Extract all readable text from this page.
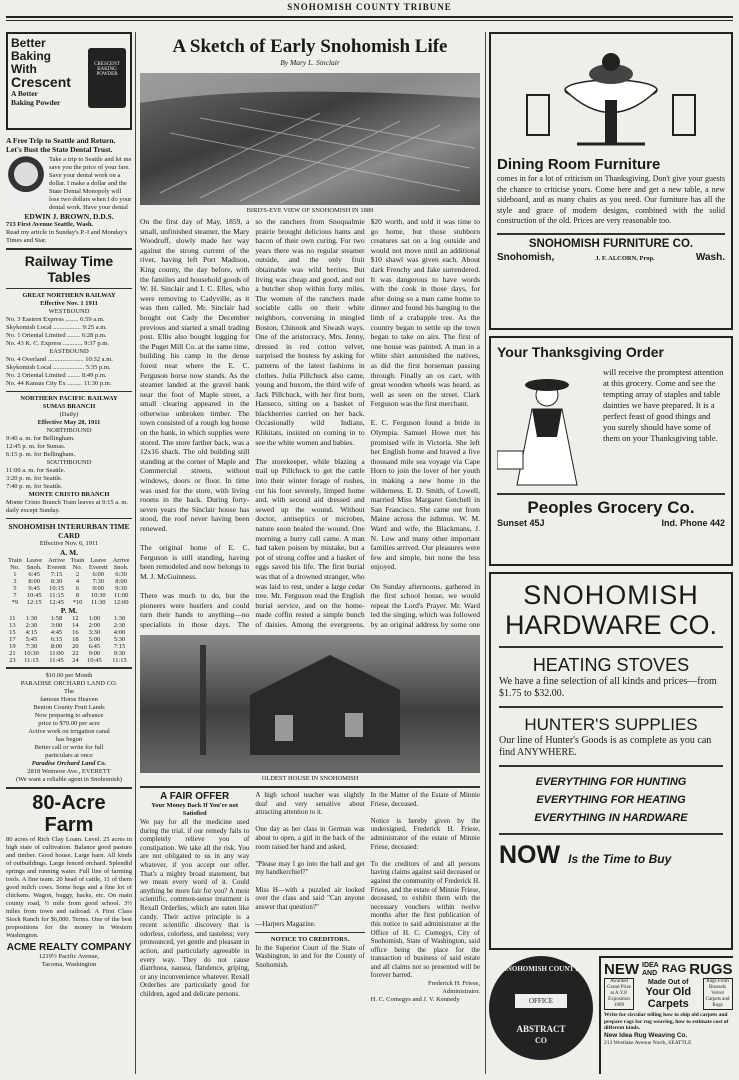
SNOHOMISH COUNTY TRIBUNE
Better
Baking
With
Crescent
A Better
Baking Powder
CRESCENT BAKING POWDER
A Free Trip to Seattle and Return. Let's Bust the State Dental Trust.
Take a trip to Seattle and let me save you the price of your fare. Save your dental work on a dollar. I make a dollar and the State Dental Monopoly will lose two dollars when I do your dental work. Have your dental
EDWIN J. BROWN, D.D.S.
713 First Avenue Seattle, Wash.
Read my article in Sunday's P.-I and Monday's Times and Star.
Railway Time Tables
GREAT NORTHERN RAILWAY
Effective Nov. 1 1911
WESTBOUND
No. 3 Eastern Express ........ 6:59 a.m.
Skykomish Local ................. 9:25 a.m.
No. 1 Oriental Limited ........ 6:28 p.m.
No. 43 K. C. Express ............ 9:37 p.m.
EASTBOUND
No. 4 Overland ...................... 10:32 a.m.
Skykomish Local ................... 5:35 p.m.
No. 2 Oriental Limited ........ 8:49 p.m.
No. 44 Kansas City Ex ......... 11:30 p.m.
NORTHERN PACIFIC RAILWAY
SUMAS BRANCH
(Daily)
Effective May 28, 1911
NORTHBOUND
9:40 a. m. for Bellingham.
12:45 p. m. for Sumas.
6:15 p. m. for Bellingham.
SOUTHBOUND
11:00 a. m. for Seattle.
3:20 p. m. for Seattle.
7:40 p. m. for Seattle.
MONTE CRISTO BRANCH
Monte Cristo Branch Train leaves at 9:15 a. m. daily except Sunday.
SNOHOMISH INTERURBAN TIME CARD
Effective Nov. 6, 1911
A. M.
Train No.	Leave Snoh.	Arrive Everett	Train No.	Leave Everett	Arrive Snoh.
1	6:45	7:15	2	6:00	6:30
3	8:00	8:30	4	7:30	8:00
5	9:45	10:15	6	9:00	9:30
7	10:45	11:15	8	10:30	11:00
*9	12:15	12:45	*10	11:30	12:00
P. M.
11	1:30	1:58	12	1:00	1:30
13	2:30	3:00	14	2:00	2:30
15	4:15	4:45	16	3:30	4:00
17	5:45	6:15	18	5:00	5:30
19	7:30	8:00	20	6:45	7:15
21	10:30	11:00	22	9:00	9:30
23	11:15	11:45	24	10:45	11:15
$10.00 per Month
PARADISE ORCHARD LAND CO.
The
famous Horse Heaven
Benton County Fruit Lands
Now preparing to advance
price to $70.00 per acre
Active work on irrigation canal
has begun
Better call or write for full
particulars at once
Paradise Orchard Land Co.
2818 Wetmore Ave., EVERETT
(We want a reliable agent in Snohomish)
80-Acre Farm
80 acres of Rich Clay Loam. Level. 25 acres in high state of cultivation. Balance good pasture and timber. Good house. Large barn. All kinds of outbuildings. Large fenced orchard. Splendid springs and running water. Full line of farming tools. A fine team. 20 head of cattle, 11 of them good milch cows. Some hogs and a fine lot of chickens. Wagon, buggy, hacks, etc. On main county road, ½ mile from good school. 3½ miles from town and railroad. A First Class Stock Ranch for $6,000. Terms. One of the best propositions for the money in Western Washington.
ACME REALTY COMPANY
1219½ Pacific Avenue,
Tacoma, Washington
A Sketch of Early Snohomish Life
By Mary L. Sinclair
BIRD'S-EYE VIEW OF SNOHOMISH IN 1889
On the first day of May, 1859, a small, unfinished steamer, the Mary Woodruff, slowly made her way against the strong current of the river, having left Port Madison, King county, the day before, with the families and household goods of W. H. Sinclair and I. C. Elles, who were removing to Cadyville, as it was then called. Mr. Sinclair had bought out Cady the December previous and started a small trading post. Ellis also bought logging for the Puget Mill Co. at the same time, building his camp in the dense forest near where the E. C. Ferguson horse now stands. As the steamer landed at the gravel bank near the foot of Maple street, a small clearing appeared in the otherwise unbroken timber. The town consisted of a rough log house on the bank, in which supplies were stored. The store farther back, was a 12x16 shack. The old building still standing at the corner of Maple and Commercial streets, without windows, doors or floor. In time was used for the store, with living rooms in the back. During forty-seven years the Sinclair house has stood, the roof never having been renewed.

The original home of E. C. Ferguson is still standing, having been remodeled and now belongs to M. J. McGuinness.

There was much to do, but the pioneers were hustlers and could turn their hands to anything—no specialists in those days. The
so the ranchers from Snoqualmie prairie brought delicious hams and bacon of their own curing. For two years there was no regular steamer outside, and the only fruit obtainable was wild berries. But living was cheap and good, and not a butcher shop within forty miles. The women of the ranchers made sociable calls on their white neighbors, conversing in mingled Boston, Chinook and Siwash ways. One of the aristocracy, Mrs. Jenny, dressed in red cotton velvet, surprised the hostess by asking for patterns of the latest fashions in clothes. Julia Pillchuck also came, young and buxom, the third wife of Jack Pillchuck, with her first born, Hanseco, sitting on a basket of blackberries carried on her back. Occasionally wild Indians, Klikitats, insisted on coming in to see the white women and babies.

The storekeeper, while blazing a trail up Pillchuck to get the cattle into their winter forage of rushes, cut his foot severely, limped home and, with second aid dressed and sewed up the wound. Without doctor, antiseptics or microbes, nature soon healed the wound. One morning a hurry call came. A man had taken poison by mistake, but a pot of strong coffee and a basket of eggs saved his life. The first burial was that of a drowned stranger, who was laid to rest, under a large cedar tree. Mr. Ferguson read the English burial service, and on the home-made coffin rested a simple bunch of daisies. Among the evergreens.

$20 worth, and sold it was time to go home, but those stubborn creatures sat on a log outside and would not move until an additional $10 shawl was given each. About dark Frenchy and Jake surrendered. It was dangerous to have words with the cook in those days, for after doing so a man came home to dinner and found his hanging to the limb of a crabapple tree. As the country began to settle up the town began to take on airs. The first of one house was painted. A man in a white shirt astonished the natives, as did the first horseman passing through. Finally an ox cart, with great wooden wheels was heard, as well as seen on the street. Clark Ferguson was the first merchant.

E. C. Ferguson found a bride in Olympia. Samuel Howe met his promised wife in Victoria. She left her English home and braved a five thousand mile sea voyage via Cape Horn to join the lover of her youth in making a new home in the wilderness. E. D. Smith, of Lowell, married Miss Margaret Getchell in San Francisco. She came out from Maine across the isthmus. W. M. Ward and wife, the Blackmans, J. N. Low and many other important families arrived. Our pleasures were few and simple, but none the less enjoyed.

On Sunday afternoons, gathered in the first school house, we would repeat the Lord's Prayer. Mr. Ward led the singing, which was followed by an original address by some one

OLDEST HOUSE IN SNOHOMISH
A FAIR OFFER
Your Money Back If You're not Satisfied
We pay for all the medicine used during the trial, if our remedy fails to completely relieve you of constipation. We take all the risk. You are not obligated to us in any way whatever, if you accept our offer. That's a mighty broad statement, but we mean every word of it. Could anything be more fair for you? A most scientific, common-sense treatment is Rexall Orderlies, which are eaten like candy. Their active principle is a recent scientific discovery that is odorless, colorless, and tasteless; very pronounced, yet gentle and pleasant in action, and particularly agreeable in every way. They do not cause diarrhoea, nausea, flatulence, griping, or any inconvenience whatever. Rexall Orderlies are particularly good for children, aged and delicate persons.

A high school teacher was slightly deaf and very sensitive about attracting attention to it.

One day as her class in German was about to open, a girl in the back of the room raised her hand and asked,

"Please may I go into the hall and get my handkerchief?"

Miss H—with a puzzled air looked over the class and said "Can anyone answer that question?"

—Harpers Magazine.
NOTICE TO CREDITORS.
In the Superior Court of the State of Washington, in and for the County of Snohomish.
In the Matter of the Estate of Minnie Friese, deceased.

Notice is hereby given by the undersigned, Frederick H. Friese, administrator of the estate of Minnie Friese, deceased:

To the creditors of and all persons having claims against said deceased or against the community of Frederick H. Friese, and the estate of Minnie Friese, deceased, to exhibit them with the necessary vouchers within twelve months after the first publication of this notice to said administrator at the Office of H. C. Comegys, City of Snohomish, State of Washington, said office being the place for the transaction of business of said estate and all claims not so presented will be forever barred.
Frederick H. Friese,
Administrator.
H. C. Comegys and J. V. Kennedy
Dining Room Furniture
comes in for a lot of criticism on Thanksgiving. Don't give your guests the chance to criticise yours. Come here and get a new table, a new sideboard, and as many chairs as you need. Our furniture has all the style and grace of modern designs, combined with the solid construction of the old. Prices are very reasonable too.
SNOHOMISH FURNITURE CO.
Snohomish,	J. F. ALCORN, Prop.	Wash.
Your Thanksgiving Order
will receive the promptest attention at this grocery. Come and see the tempting array of staples and table dainties we have prepared. It is a perfect feast of good things and you surely should have some of them on your Thanksgiving table.
Peoples Grocery Co.
Sunset 45J	Ind. Phone 442
SNOHOMISH
HARDWARE CO.
HEATING STOVES
We have a fine selection of all kinds and prices—from $1.75 to $32.00.
HUNTER'S SUPPLIES
Our line of Hunter's Goods is as complete as you can find ANYWHERE.
EVERYTHING FOR HUNTING
EVERYTHING FOR HEATING
EVERYTHING IN HARDWARE
NOW Is the Time to Buy
SNOHOMISH COUNTY
OFFICE
ABSTRACT
CO
NEW IDEA
AND RAG RUGS
Awarded Grand Prize at A.Y.P. Exposition 1909
Made Out of
Your Old
Carpets
Rugs From Brussels Velvet Carpets and Rugs
Write for circular telling how to ship old carpets and prepare rags for rug weaving, how to estimate cost of different kinds.
New Idea Rug Weaving Co.
213 Westlake Avenue North, SEATTLE
